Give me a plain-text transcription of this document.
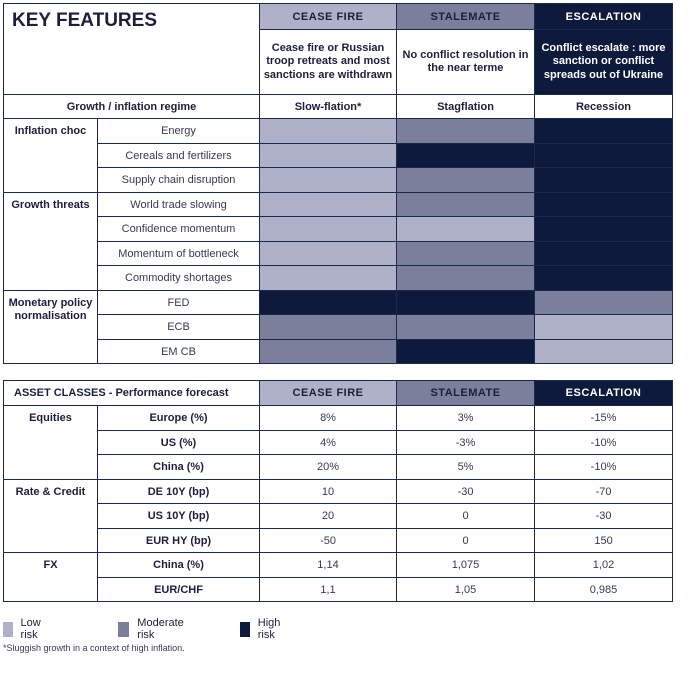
KEY FEATURES		CEASE FIRE	STALEMATE	ESCALATION
		Cease fire or Russian troop retreats and most sanctions are withdrawn	No conflict resolution in the near terme	Conflict escalate : more sanction or conflict spreads out of Ukraine
Growth / inflation regime		Slow-flation*	Stagflation	Recession
Inflation choc	Energy			
	Cereals and fertilizers			
	Supply chain disruption			
Growth threats	World trade slowing			
	Confidence momentum			
	Momentum of bottleneck			
	Commodity shortages			
Monetary policy normalisation	FED			
	ECB			
	EM CB			
ASSET CLASSES - Performance forecast		CEASE FIRE	STALEMATE	ESCALATION
Equities	Europe (%)	8%	3%	-15%
	US (%)	4%	-3%	-10%
	China (%)	20%	5%	-10%
Rate & Credit	DE 10Y (bp)	10	-30	-70
	US 10Y (bp)	20	0	-30
	EUR HY (bp)	-50	0	150
FX	China (%)	1,14	1,075	1,02
	EUR/CHF	1,1	1,05	0,985
Low risk
Moderate risk
High risk
*Sluggish growth in a context of high inflation.
